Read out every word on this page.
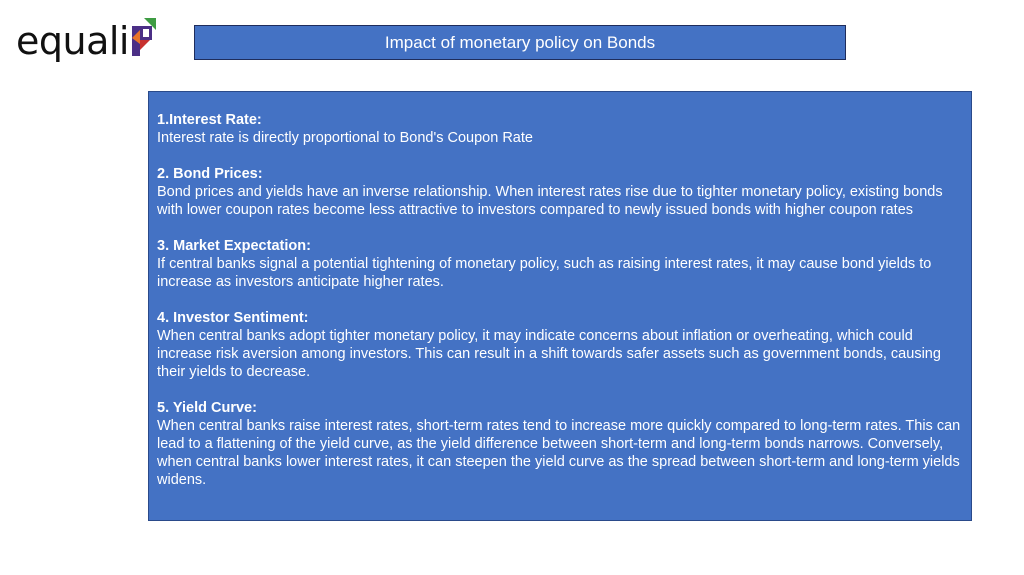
equali	Impact of monetary policy on Bonds
1.Interest Rate:
Interest rate is directly proportional to Bond's Coupon Rate
2. Bond Prices:
Bond prices and yields have an inverse relationship. When interest rates rise due to tighter monetary policy, existing bonds with lower coupon rates become less attractive to investors compared to newly issued bonds with higher coupon rates
3. Market Expectation:
If central banks signal a potential tightening of monetary policy, such as raising interest rates, it may cause bond yields to increase as investors anticipate higher rates.
4. Investor Sentiment:
When central banks adopt tighter monetary policy, it may indicate concerns about inflation or overheating, which could increase risk aversion among investors. This can result in a shift towards safer assets such as government bonds, causing their yields to decrease.
5. Yield Curve:
When central banks raise interest rates, short-term rates tend to increase more quickly compared to long-term rates. This can lead to a flattening of the yield curve, as the yield difference between short-term and long-term bonds narrows. Conversely, when central banks lower interest rates, it can steepen the yield curve as the spread between short-term and long-term yields widens.
